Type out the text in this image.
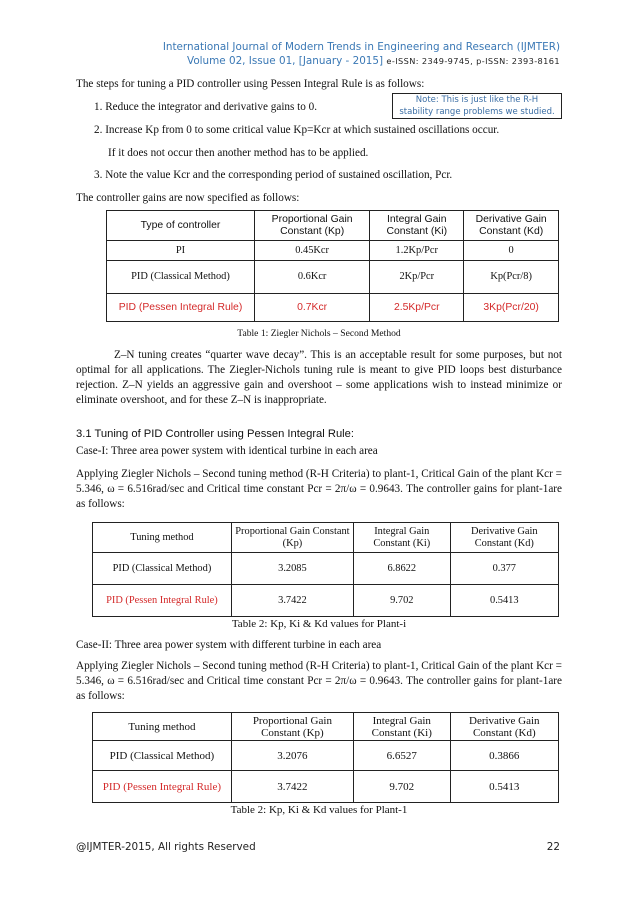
International Journal of Modern Trends in Engineering and Research (IJMTER)
Volume 02, Issue 01, [January - 2015] e-ISSN: 2349-9745, p-ISSN: 2393-8161
The steps for tuning a PID controller using Pessen Integral Rule is as follows:
Note: This is just like the R-H
stability range problems we studied.
1. Reduce the integrator and derivative gains to 0.
2. Increase Kp from 0 to some critical value Kp=Kcr at which sustained oscillations occur.
If it does not occur then another method has to be applied.
3. Note the value Kcr and the corresponding period of sustained oscillation, Pcr.
The controller gains are now specified as follows:
Type of controller	Proportional Gain Constant (Kp)	Integral Gain Constant (Ki)	Derivative Gain Constant (Kd)
PI	0.45Kcr	1.2Kp/Pcr	0
PID (Classical Method)	0.6Kcr	2Kp/Pcr	Kp(Pcr/8)
PID (Pessen Integral Rule)	0.7Kcr	2.5Kp/Pcr	3Kp(Pcr/20)
Table 1: Ziegler Nichols – Second Method
Z–N tuning creates “quarter wave decay”. This is an acceptable result for some purposes, but not optimal for all applications. The Ziegler-Nichols tuning rule is meant to give PID loops best disturbance rejection. Z–N yields an aggressive gain and overshoot – some applications wish to instead minimize or eliminate overshoot, and for these Z–N is inappropriate.
3.1 Tuning of PID Controller using Pessen Integral Rule:
Case-I: Three area power system with identical turbine in each area
Applying Ziegler Nichols – Second tuning method (R-H Criteria) to plant-1, Critical Gain of the plant Kcr = 5.346, ω = 6.516rad/sec and Critical time constant Pcr = 2π/ω = 0.9643. The controller gains for plant-1are as follows:
Tuning method	Proportional Gain Constant (Kp)	Integral Gain Constant (Ki)	Derivative Gain Constant (Kd)
PID (Classical Method)	3.2085	6.8622	0.377
PID (Pessen Integral Rule)	3.7422	9.702	0.5413
Table 2: Kp, Ki & Kd values for Plant-i
Case-II: Three area power system with different turbine in each area
Applying Ziegler Nichols – Second tuning method (R-H Criteria) to plant-1, Critical Gain of the plant Kcr = 5.346, ω = 6.516rad/sec and Critical time constant Pcr = 2π/ω = 0.9643. The controller gains for plant-1are as follows:
Tuning method	Proportional Gain Constant (Kp)	Integral Gain Constant (Ki)	Derivative Gain Constant (Kd)
PID (Classical Method)	3.2076	6.6527	0.3866
PID (Pessen Integral Rule)	3.7422	9.702	0.5413
Table 2: Kp, Ki & Kd values for Plant-1
@IJMTER-2015, All rights Reserved	22
